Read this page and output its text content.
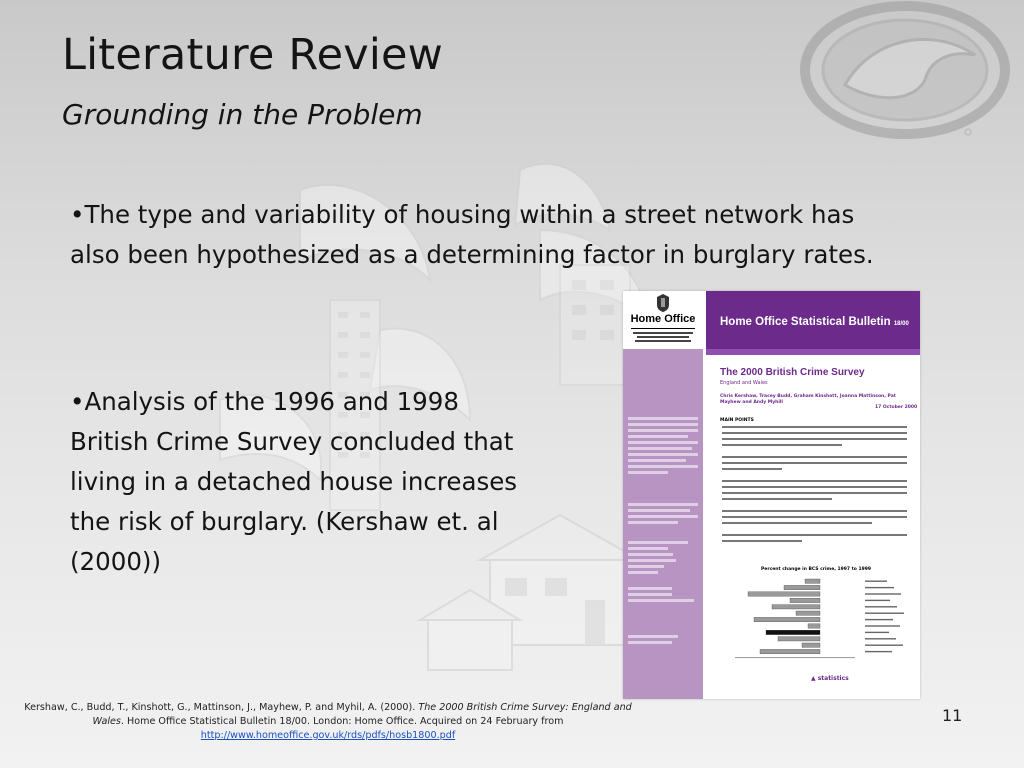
Literature Review
Grounding in the Problem
•The type and variability of housing within a street network has also been hypothesized as a determining factor in burglary rates.
•Analysis of the 1996 and 1998 British Crime Survey concluded that living in a detached house increases the risk of burglary. (Kershaw et. al (2000))
Home Office	Home Office Statistical Bulletin 18/00
The 2000 British Crime Survey
England and Wales
Chris Kershaw, Tracey Budd, Graham Kinshott, Joanna Mattinson, Pat Mayhew and Andy Myhill
17 October 2000
MAIN POINTS
Percent change in BCS crime, 1997 to 1999
▲ statistics
Kershaw, C., Budd, T., Kinshott, G., Mattinson, J., Mayhew, P. and Myhil, A. (2000). The 2000 British Crime Survey: England and Wales. Home Office Statistical Bulletin 18/00. London: Home Office. Acquired on 24 February from
http://www.homeoffice.gov.uk/rds/pdfs/hosb1800.pdf
11
